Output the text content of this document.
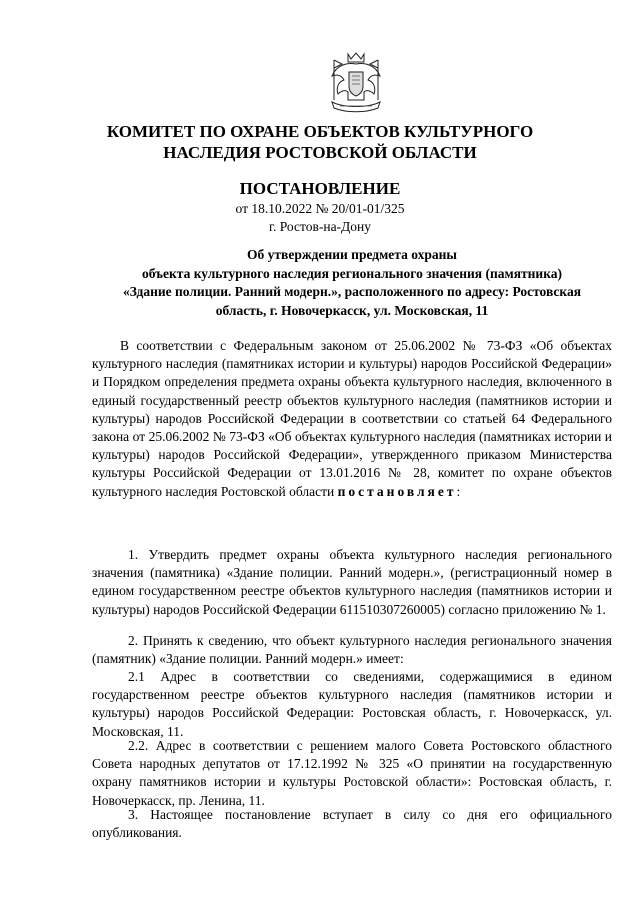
КОМИТЕТ ПО ОХРАНЕ ОБЪЕКТОВ КУЛЬТУРНОГО
НАСЛЕДИЯ РОСТОВСКОЙ ОБЛАСТИ
ПОСТАНОВЛЕНИЕ
от 18.10.2022 № 20/01-01/325
г. Ростов-на-Дону
Об утверждении предмета охраны
объекта культурного наследия регионального значения (памятника)
«Здание полиции. Ранний модерн.», расположенного по адресу: Ростовская
область, г. Новочеркасск, ул. Московская, 11
В соответствии с Федеральным законом от 25.06.2002 № 73-ФЗ «Об объектах культурного наследия (памятниках истории и культуры) народов Российской Федерации» и Порядком определения предмета охраны объекта культурного наследия, включенного в единый государственный реестр объектов культурного наследия (памятников истории и культуры) народов Российской Федерации в соответствии со статьей 64 Федерального закона от 25.06.2002 № 73-ФЗ «Об объектах культурного наследия (памятниках истории и культуры) народов Российской Федерации», утвержденного приказом Министерства культуры Российской Федерации от 13.01.2016 № 28, комитет по охране объектов культурного наследия Ростовской области постановляет:
1. Утвердить предмет охраны объекта культурного наследия регионального значения (памятника) «Здание полиции. Ранний модерн.», (регистрационный номер в едином государственном реестре объектов культурного наследия (памятников истории и культуры) народов Российской Федерации 611510307260005) согласно приложению № 1.
2. Принять к сведению, что объект культурного наследия регионального значения (памятник) «Здание полиции. Ранний модерн.» имеет:
2.1 Адрес в соответствии со сведениями, содержащимися в едином государственном реестре объектов культурного наследия (памятников истории и культуры) народов Российской Федерации: Ростовская область, г. Новочеркасск, ул. Московская, 11.
2.2. Адрес в соответствии с решением малого Совета Ростовского областного Совета народных депутатов от 17.12.1992 № 325 «О принятии на государственную охрану памятников истории и культуры Ростовской области»: Ростовская область, г. Новочеркасск, пр. Ленина, 11.
3. Настоящее постановление вступает в силу со дня его официального опубликования.
